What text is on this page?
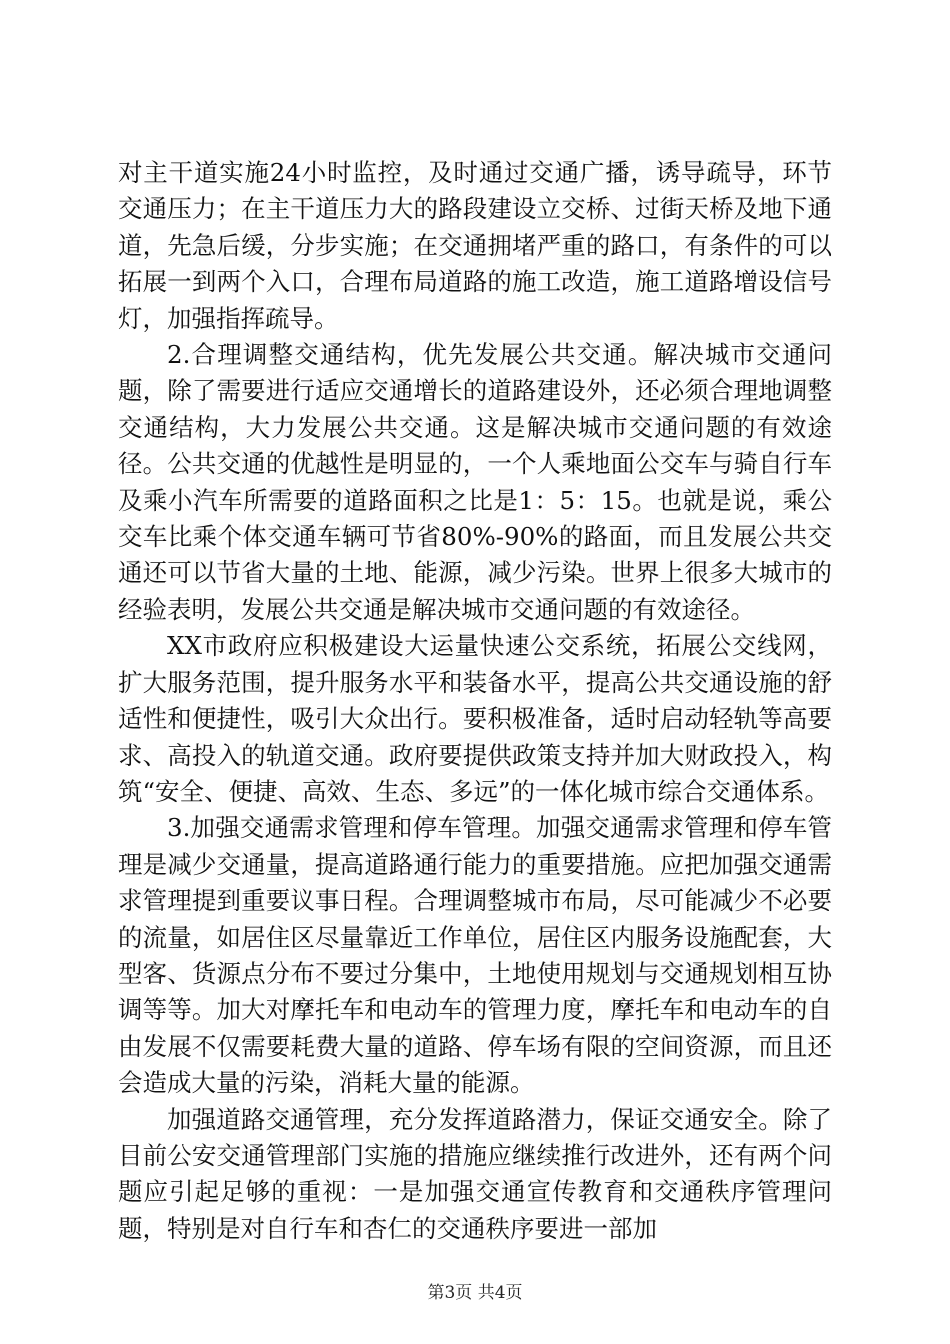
对主干道实施24小时监控，及时通过交通广播，诱导疏导，环节交通压力；在主干道压力大的路段建设立交桥、过街天桥及地下通道，先急后缓，分步实施；在交通拥堵严重的路口，有条件的可以拓展一到两个入口，合理布局道路的施工改造，施工道路增设信号灯，加强指挥疏导。

2.合理调整交通结构，优先发展公共交通。解决城市交通问题，除了需要进行适应交通增长的道路建设外，还必须合理地调整交通结构，大力发展公共交通。这是解决城市交通问题的有效途径。公共交通的优越性是明显的，一个人乘地面公交车与骑自行车及乘小汽车所需要的道路面积之比是1：5：15。也就是说，乘公交车比乘个体交通车辆可节省80%-90%的路面，而且发展公共交通还可以节省大量的土地、能源，减少污染。世界上很多大城市的经验表明，发展公共交通是解决城市交通问题的有效途径。

XX市政府应积极建设大运量快速公交系统，拓展公交线网，扩大服务范围，提升服务水平和装备水平，提高公共交通设施的舒适性和便捷性，吸引大众出行。要积极准备，适时启动轻轨等高要求、高投入的轨道交通。政府要提供政策支持并加大财政投入，构筑“安全、便捷、高效、生态、多远”的一体化城市综合交通体系。

3.加强交通需求管理和停车管理。加强交通需求管理和停车管理是减少交通量，提高道路通行能力的重要措施。应把加强交通需求管理提到重要议事日程。合理调整城市布局，尽可能减少不必要的流量，如居住区尽量靠近工作单位，居住区内服务设施配套，大型客、货源点分布不要过分集中，土地使用规划与交通规划相互协调等等。加大对摩托车和电动车的管理力度，摩托车和电动车的自由发展不仅需要耗费大量的道路、停车场有限的空间资源，而且还会造成大量的污染，消耗大量的能源。

加强道路交通管理，充分发挥道路潜力，保证交通安全。除了目前公安交通管理部门实施的措施应继续推行改进外，还有两个问题应引起足够的重视：一是加强交通宣传教育和交通秩序管理问题，特别是对自行车和杏仁的交通秩序要进一部加

第3页 共4页
